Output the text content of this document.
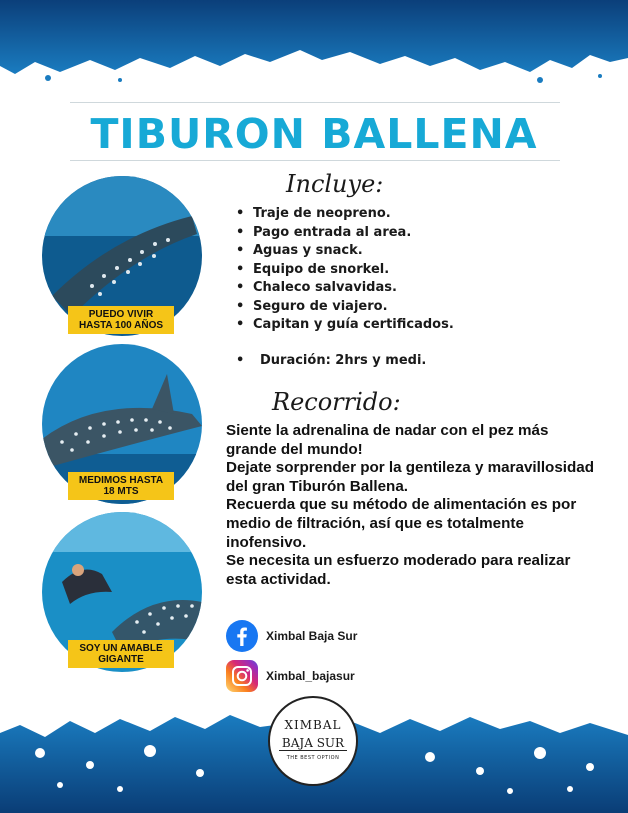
TIBURON BALLENA
Incluye:
• Traje de neopreno.
• Pago entrada al area.
• Aguas y snack.
• Equipo de snorkel.
• Chaleco salvavidas.
• Seguro de viajero.
• Capitan y guía certificados.
• Duración: 2hrs y medi.
Recorrido:

Siente la adrenalina de nadar con el pez más grande del mundo!

Dejate sorprender por la gentileza y maravillosidad del gran Tiburón Ballena.

Recuerda que su método de alimentación es por medio de filtración, así que es totalmente inofensivo.

Se necesita un esfuerzo moderado para realizar esta actividad.

PUEDO VIVIR
HASTA 100 AÑOS
MEDIMOS HASTA
18 MTS
SOY UN AMABLE
GIGANTE
Ximbal Baja Sur
Ximbal_bajasur
XIMBAL
BAJA SUR
THE BEST OPTION
